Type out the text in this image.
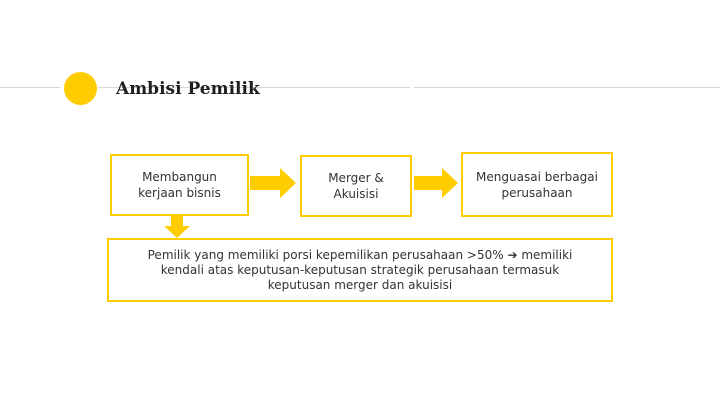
Ambisi Pemilik
Membangun
kerjaan bisnis
Merger &
Akuisisi
Menguasai berbagai
perusahaan
Pemilik yang memiliki porsi kepemilikan perusahaan >50% ➔ memiliki
kendali atas keputusan-keputusan strategik perusahaan termasuk
keputusan merger dan akuisisi
